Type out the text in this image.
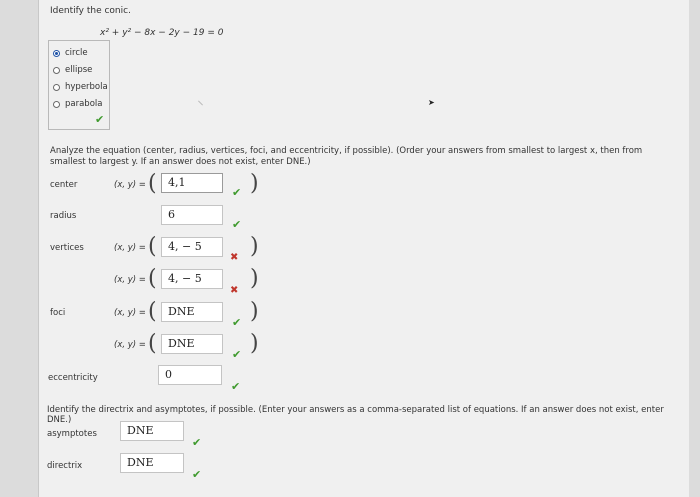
Identify the conic.
x² + y² − 8x − 2y − 19 = 0
circle
ellipse
hyperbola
parabola
✔
➤
Analyze the equation (center, radius, vertices, foci, and eccentricity, if possible). (Order your answers from smallest to largest x, then from smallest to largest y. If an answer does not exist, enter DNE.)
center	(x, y) = (	4,1
✔ )
radius	6
✔
vertices	(x, y) = (	4, − 5
✖ )
(x, y) = (	4, − 5
✖ )
foci	(x, y) = (	DNE
✔ )
(x, y) = (	DNE
✔ )
eccentricity	0
✔
Identify the directrix and asymptotes, if possible. (Enter your answers as a comma-separated list of equations. If an answer does not exist, enter DNE.)
asymptotes	DNE
✔
directrix	DNE
✔
